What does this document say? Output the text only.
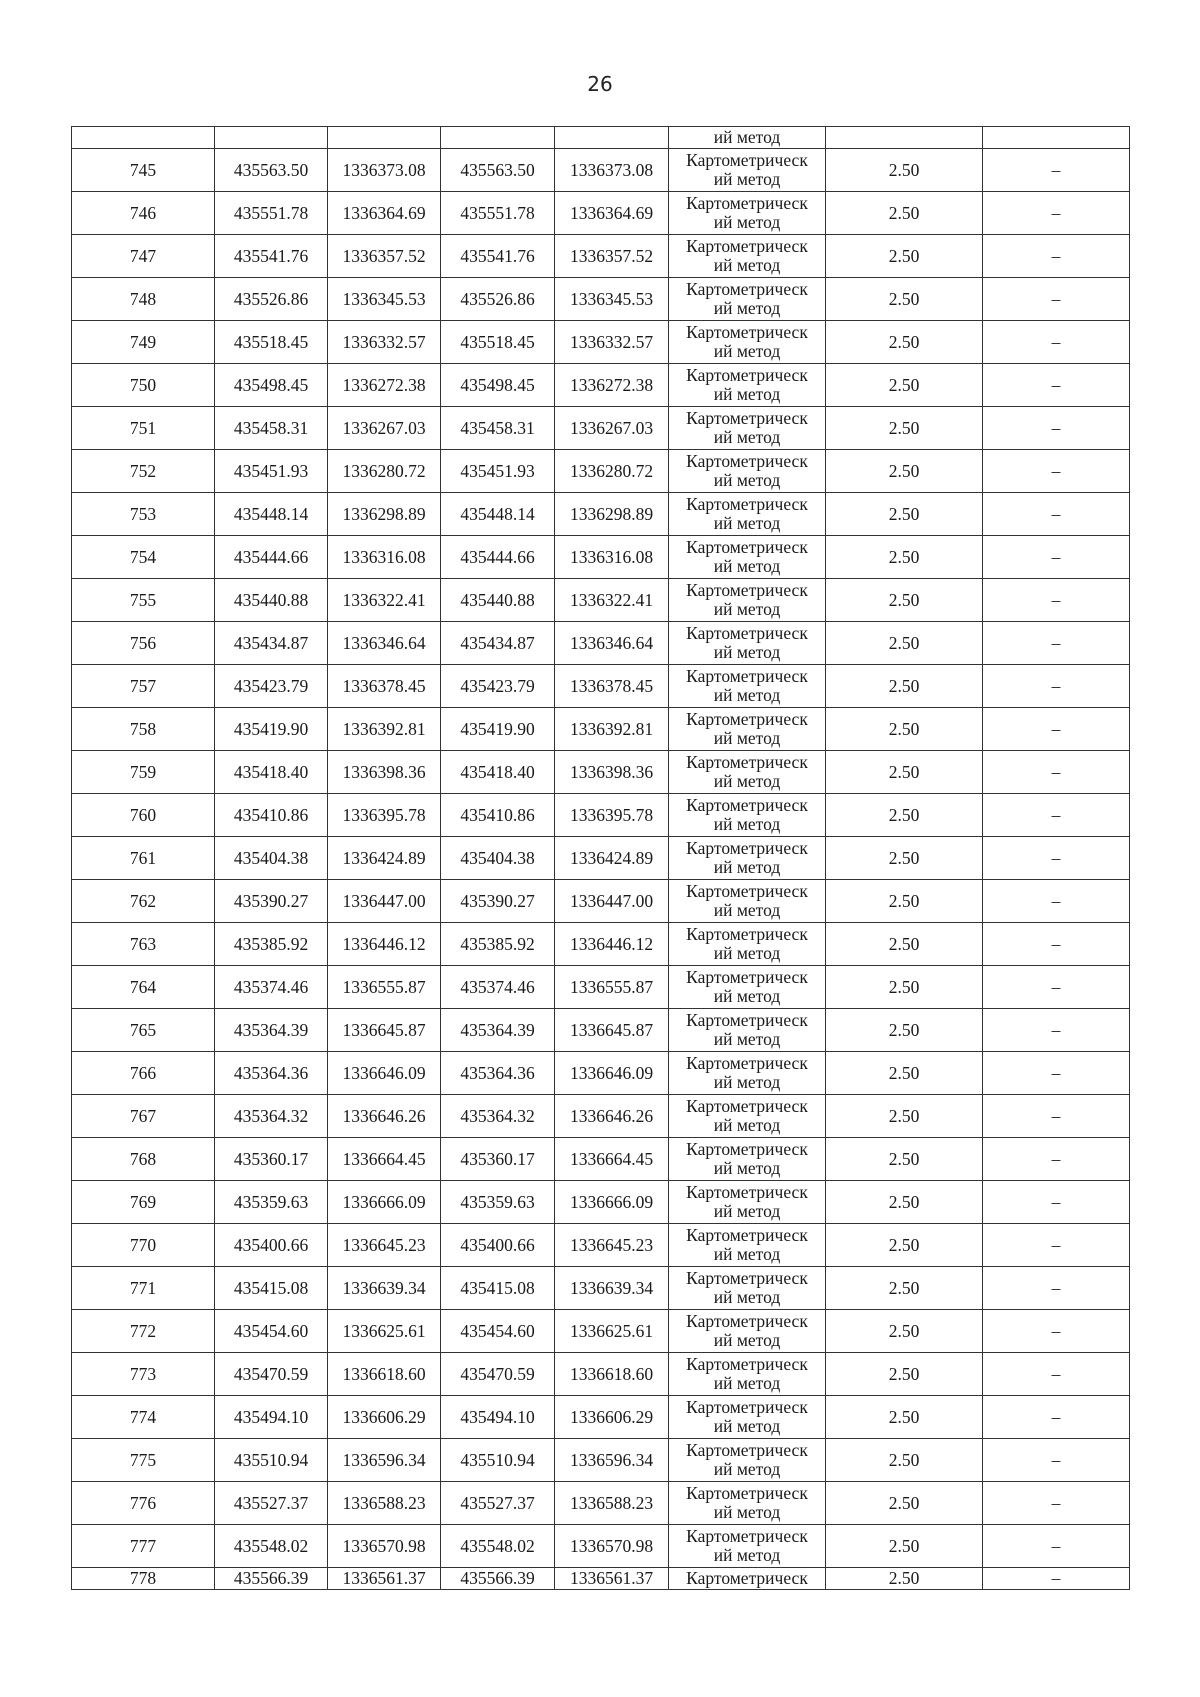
26
					ий метод		
745	435563.50	1336373.08	435563.50	1336373.08	Картометрическ
ий метод	2.50	–
746	435551.78	1336364.69	435551.78	1336364.69	Картометрическ
ий метод	2.50	–
747	435541.76	1336357.52	435541.76	1336357.52	Картометрическ
ий метод	2.50	–
748	435526.86	1336345.53	435526.86	1336345.53	Картометрическ
ий метод	2.50	–
749	435518.45	1336332.57	435518.45	1336332.57	Картометрическ
ий метод	2.50	–
750	435498.45	1336272.38	435498.45	1336272.38	Картометрическ
ий метод	2.50	–
751	435458.31	1336267.03	435458.31	1336267.03	Картометрическ
ий метод	2.50	–
752	435451.93	1336280.72	435451.93	1336280.72	Картометрическ
ий метод	2.50	–
753	435448.14	1336298.89	435448.14	1336298.89	Картометрическ
ий метод	2.50	–
754	435444.66	1336316.08	435444.66	1336316.08	Картометрическ
ий метод	2.50	–
755	435440.88	1336322.41	435440.88	1336322.41	Картометрическ
ий метод	2.50	–
756	435434.87	1336346.64	435434.87	1336346.64	Картометрическ
ий метод	2.50	–
757	435423.79	1336378.45	435423.79	1336378.45	Картометрическ
ий метод	2.50	–
758	435419.90	1336392.81	435419.90	1336392.81	Картометрическ
ий метод	2.50	–
759	435418.40	1336398.36	435418.40	1336398.36	Картометрическ
ий метод	2.50	–
760	435410.86	1336395.78	435410.86	1336395.78	Картометрическ
ий метод	2.50	–
761	435404.38	1336424.89	435404.38	1336424.89	Картометрическ
ий метод	2.50	–
762	435390.27	1336447.00	435390.27	1336447.00	Картометрическ
ий метод	2.50	–
763	435385.92	1336446.12	435385.92	1336446.12	Картометрическ
ий метод	2.50	–
764	435374.46	1336555.87	435374.46	1336555.87	Картометрическ
ий метод	2.50	–
765	435364.39	1336645.87	435364.39	1336645.87	Картометрическ
ий метод	2.50	–
766	435364.36	1336646.09	435364.36	1336646.09	Картометрическ
ий метод	2.50	–
767	435364.32	1336646.26	435364.32	1336646.26	Картометрическ
ий метод	2.50	–
768	435360.17	1336664.45	435360.17	1336664.45	Картометрическ
ий метод	2.50	–
769	435359.63	1336666.09	435359.63	1336666.09	Картометрическ
ий метод	2.50	–
770	435400.66	1336645.23	435400.66	1336645.23	Картометрическ
ий метод	2.50	–
771	435415.08	1336639.34	435415.08	1336639.34	Картометрическ
ий метод	2.50	–
772	435454.60	1336625.61	435454.60	1336625.61	Картометрическ
ий метод	2.50	–
773	435470.59	1336618.60	435470.59	1336618.60	Картометрическ
ий метод	2.50	–
774	435494.10	1336606.29	435494.10	1336606.29	Картометрическ
ий метод	2.50	–
775	435510.94	1336596.34	435510.94	1336596.34	Картометрическ
ий метод	2.50	–
776	435527.37	1336588.23	435527.37	1336588.23	Картометрическ
ий метод	2.50	–
777	435548.02	1336570.98	435548.02	1336570.98	Картометрическ
ий метод	2.50	–
778	435566.39	1336561.37	435566.39	1336561.37	Картометрическ	2.50	–
